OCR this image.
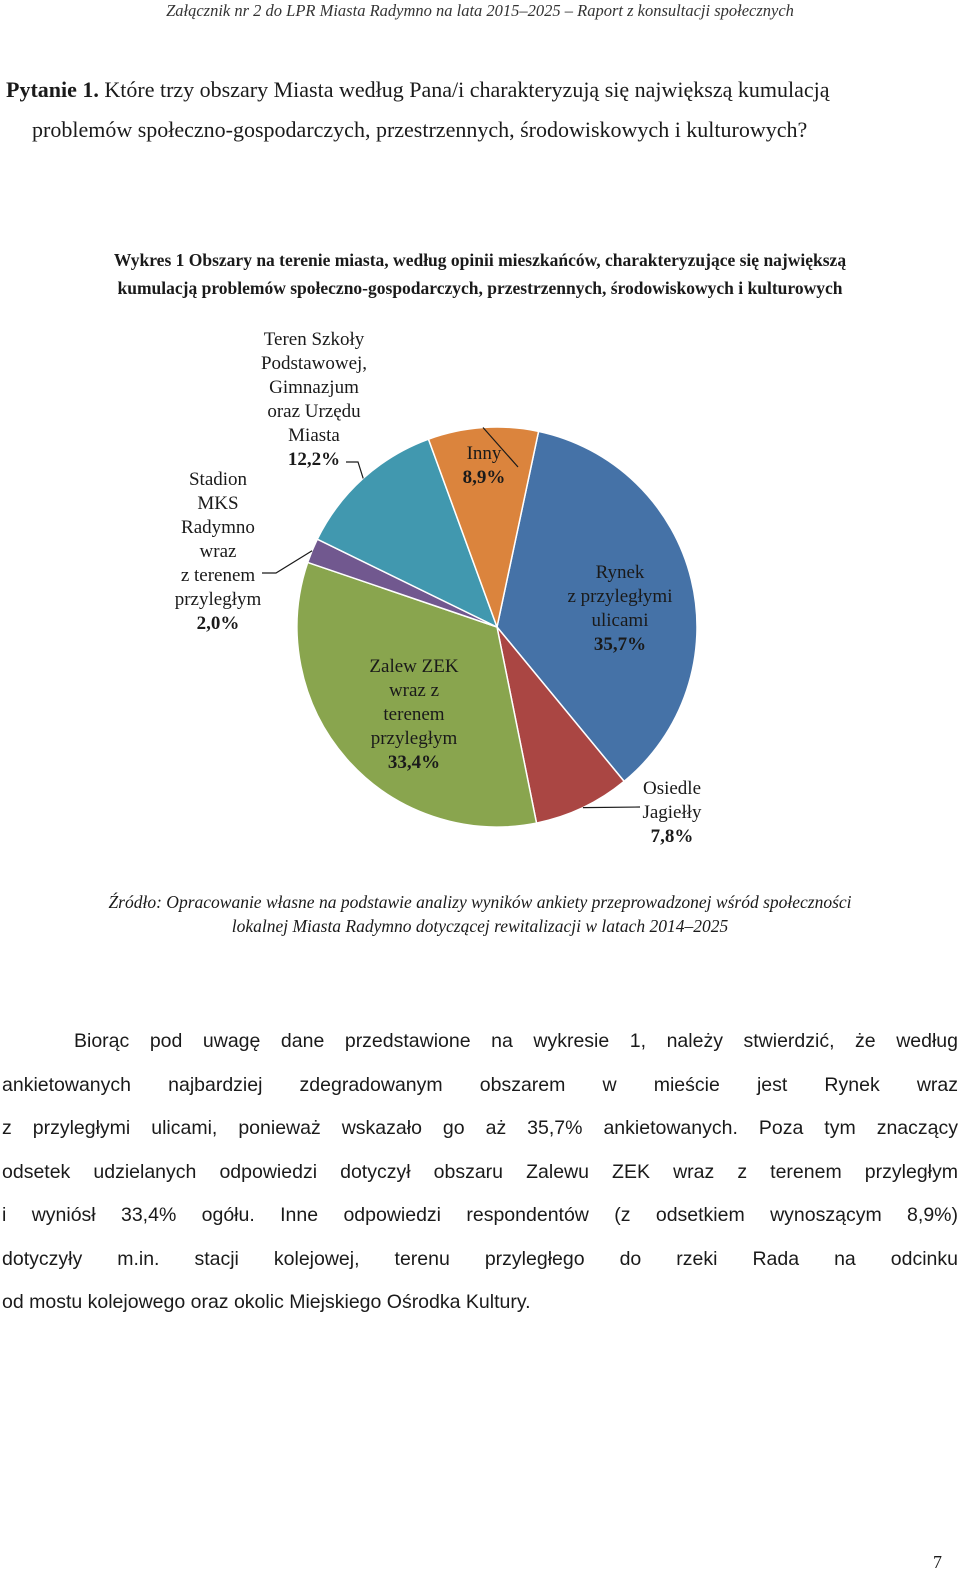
Załącznik nr 2 do LPR Miasta Radymno na lata 2015–2025 – Raport z konsultacji społecznych
Pytanie 1. Które trzy obszary Miasta według Pana/i charakteryzują się największą kumulacją
problemów społeczno-gospodarczych, przestrzennych, środowiskowych i kulturowych?
Wykres 1 Obszary na terenie miasta, według opinii mieszkańców, charakteryzujące się największą
kumulacją problemów społeczno-gospodarczych, przestrzennych, środowiskowych i kulturowych
Rynek z przyległymi ulicami 35,7%
Osiedle Jagiełły 7,8%
Zalew ZEK wraz z terenem przyległym 33,4%
Stadion MKS Radymno wraz z terenem przyległym 2,0%
Teren Szkoły Podstawowej, Gimnazjum oraz Urzędu Miasta 12,2%	Inny 8,9%
Źródło: Opracowanie własne na podstawie analizy wyników ankiety przeprowadzonej wśród społeczności
lokalnej Miasta Radymno dotyczącej rewitalizacji w latach 2014–2025
Biorąc pod uwagę dane przedstawione na wykresie 1, należy stwierdzić, że według
ankietowanych najbardziej zdegradowanym obszarem w mieście jest Rynek wraz
z przyległymi ulicami, ponieważ wskazało go aż 35,7% ankietowanych. Poza tym znaczący
odsetek udzielanych odpowiedzi dotyczył obszaru Zalewu ZEK wraz z terenem przyległym
i wyniósł 33,4% ogółu. Inne odpowiedzi respondentów (z odsetkiem wynoszącym 8,9%)
dotyczyły m.in. stacji kolejowej, terenu przyległego do rzeki Rada na odcinku
od mostu kolejowego oraz okolic Miejskiego Ośrodka Kultury.
7
